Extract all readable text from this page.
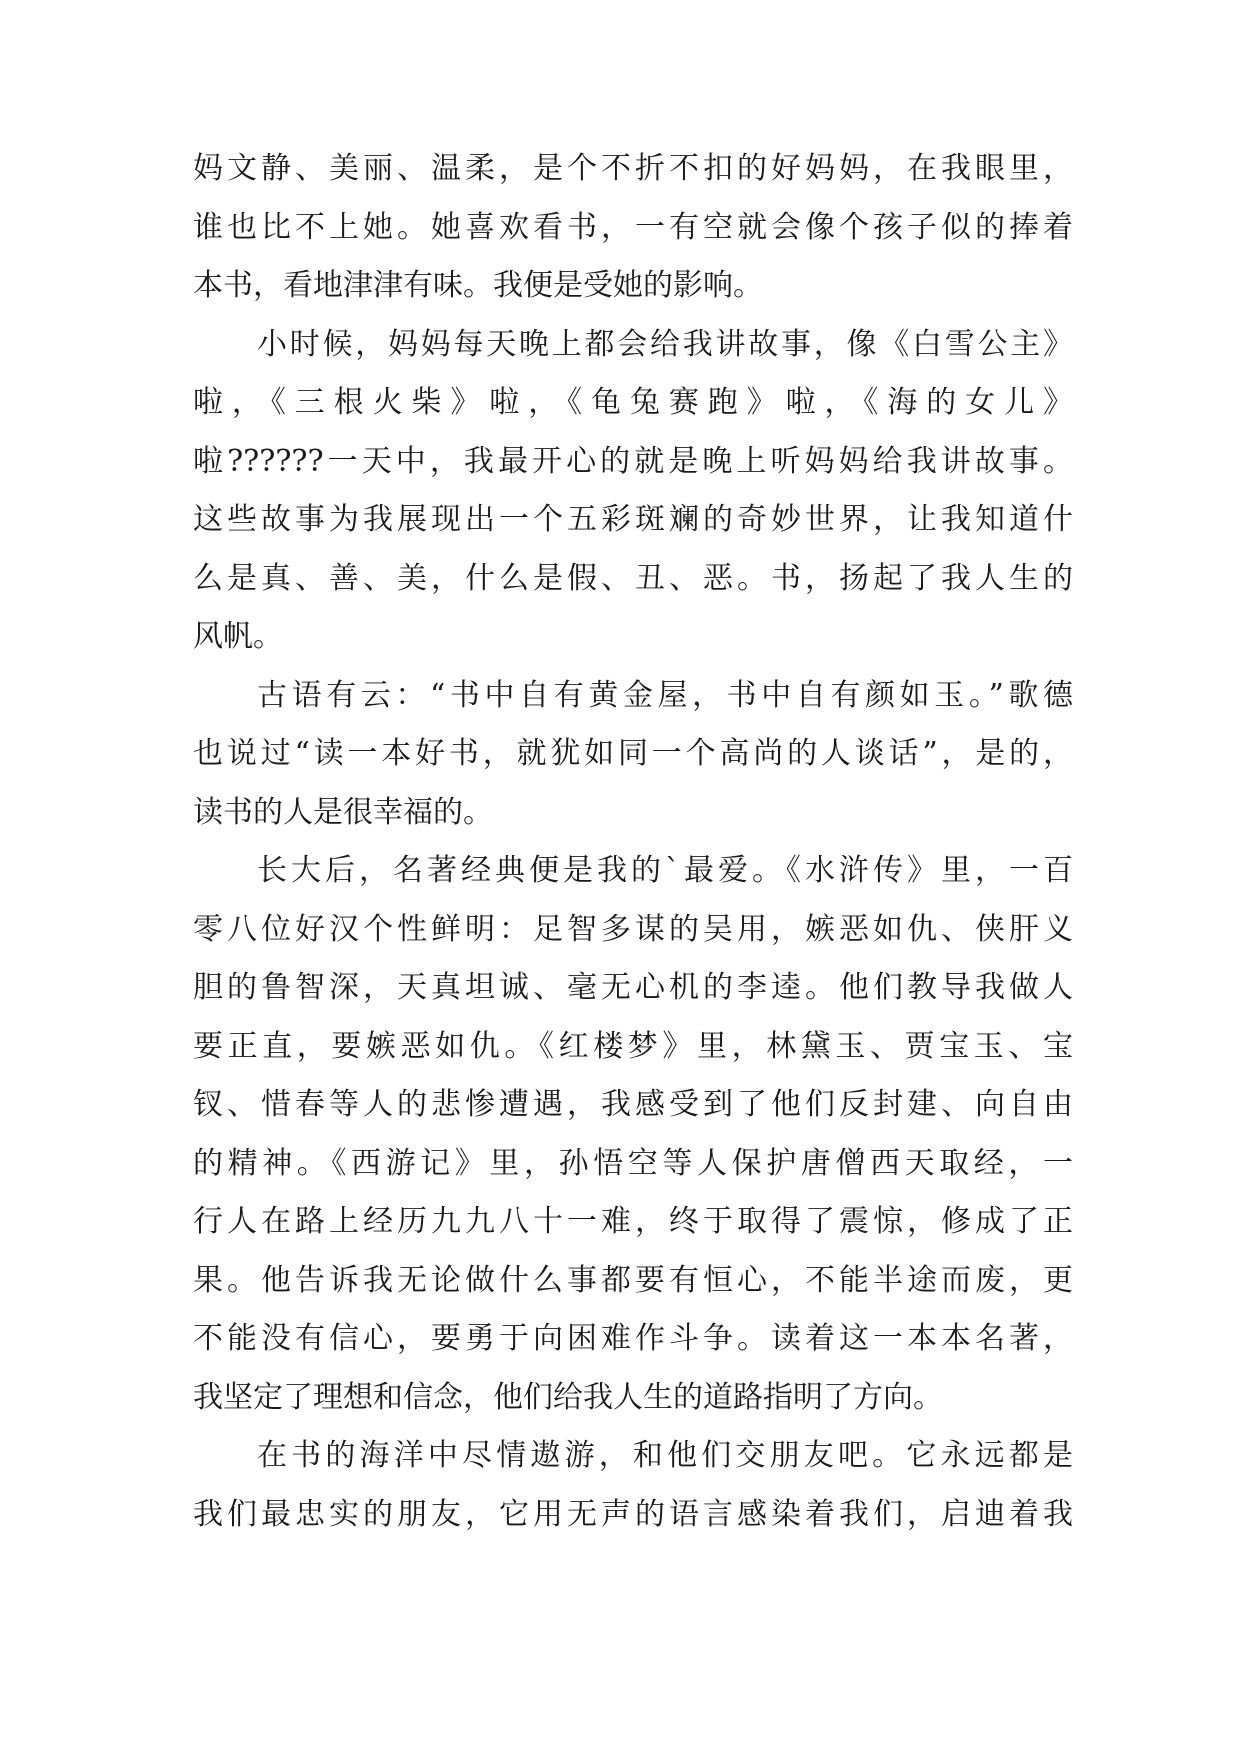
妈文静、美丽、温柔，是个不折不扣的好妈妈，在我眼里，
谁也比不上她。她喜欢看书，一有空就会像个孩子似的捧着
本书，看地津津有味。我便是受她的影响。
小时候，妈妈每天晚上都会给我讲故事，像《白雪公主》
啦，《三根火柴》啦，《龟兔赛跑》啦，《海的女儿》
啦??????一天中，我最开心的就是晚上听妈妈给我讲故事。
这些故事为我展现出一个五彩斑斓的奇妙世界，让我知道什
么是真、善、美，什么是假、丑、恶。书，扬起了我人生的
风帆。
古语有云：“书中自有黄金屋，书中自有颜如玉。”歌德
也说过“读一本好书，就犹如同一个高尚的人谈话”，是的，
读书的人是很幸福的。
长大后，名著经典便是我的`最爱。《水浒传》里，一百
零八位好汉个性鲜明：足智多谋的吴用，嫉恶如仇、侠肝义
胆的鲁智深，天真坦诚、毫无心机的李逵。他们教导我做人
要正直，要嫉恶如仇。《红楼梦》里，林黛玉、贾宝玉、宝
钗、惜春等人的悲惨遭遇，我感受到了他们反封建、向自由
的精神。《西游记》里，孙悟空等人保护唐僧西天取经，一
行人在路上经历九九八十一难，终于取得了震惊，修成了正
果。他告诉我无论做什么事都要有恒心，不能半途而废，更
不能没有信心，要勇于向困难作斗争。读着这一本本名著，
我坚定了理想和信念，他们给我人生的道路指明了方向。
在书的海洋中尽情遨游，和他们交朋友吧。它永远都是
我们最忠实的朋友，它用无声的语言感染着我们，启迪着我
